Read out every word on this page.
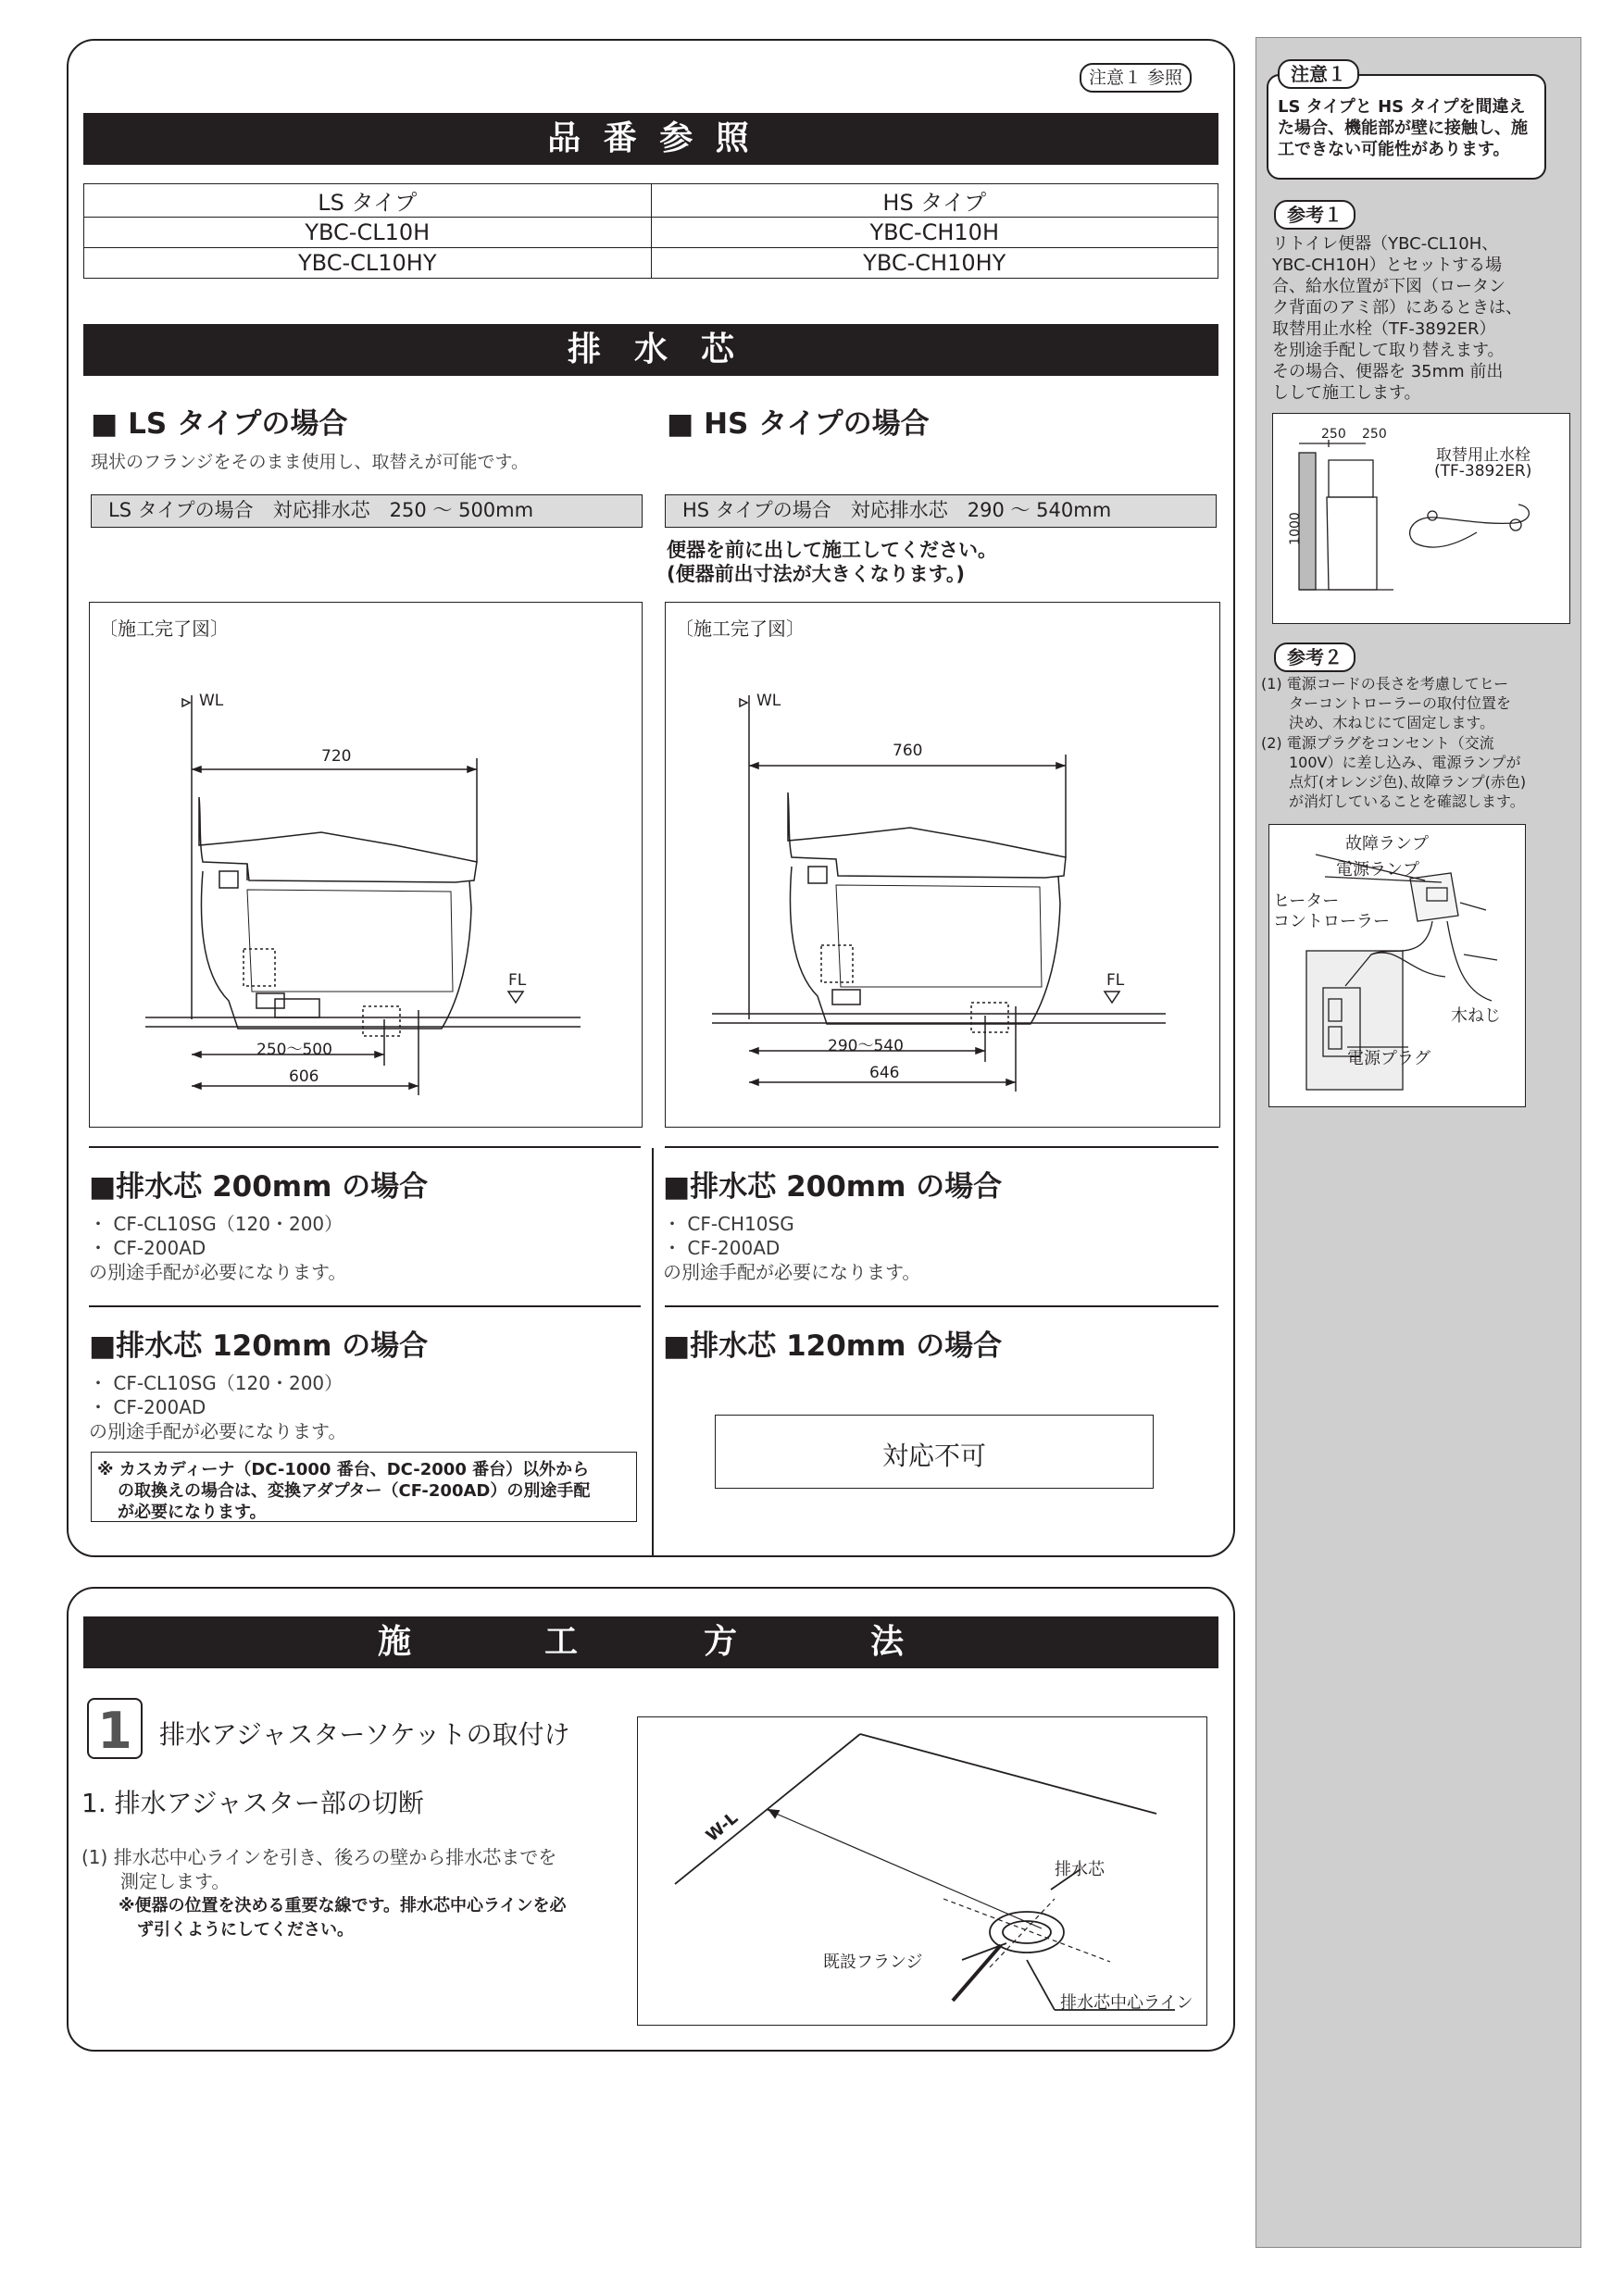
注意１ 参照
品 番 参 照
LS タイプ	HS タイプ
YBC-CL10H	YBC-CH10H
YBC-CL10HY	YBC-CH10HY
排　水　芯
■ LS タイプの場合
現状のフランジをそのまま使用し、取替えが可能です。
LS タイプの場合　対応排水芯　250 〜 500mm
■ HS タイプの場合
HS タイプの場合　対応排水芯　290 〜 540mm
便器を前に出して施工してください。
(便器前出寸法が大きくなります。)
〔施工完了図〕
WL
720
FL
250〜500
606
〔施工完了図〕
WL
760
FL
290〜540
646
■排水芯 200mm の場合
・ CF-CL10SG（120・200）
・ CF-200AD
の別途手配が必要になります。
■排水芯 200mm の場合
・ CF-CH10SG
・ CF-200AD
の別途手配が必要になります。
■排水芯 120mm の場合
・ CF-CL10SG（120・200）
・ CF-200AD
の別途手配が必要になります。
※ カスカディーナ（DC-1000 番台、DC-2000 番台）以外から
の取換えの場合は、変換アダプター（CF-200AD）の別途手配
が必要になります。
■排水芯 120mm の場合
対応不可
施	工	方	法
1	排水アジャスターソケットの取付け
1. 排水アジャスター部の切断
(1) 排水芯中心ラインを引き、後ろの壁から排水芯までを
測定します。
※便器の位置を決める重要な線です。排水芯中心ラインを必
ず引くようにしてください。
W-L
排水芯
既設フランジ
排水芯中心ライン
注意１
LS タイプと HS タイプを間違え
た場合、機能部が壁に接触し、施
工できない可能性があります。
参考１
リトイレ便器（YBC-CL10H、
YBC-CH10H）とセットする場
合、給水位置が下図（ロータン
ク背面のアミ部）にあるときは、
取替用止水栓（TF-3892ER）
を別途手配して取り替えます。
その場合、便器を 35mm 前出
しして施工します。
250 250
1000
取替用止水栓
(TF-3892ER)
参考２
(1) 電源コードの長さを考慮してヒー
ターコントローラーの取付位置を
決め、木ねじにて固定します。
(2) 電源プラグをコンセント（交流
100V）に差し込み、電源ランプが
点灯(オレンジ色)､故障ランプ(赤色)
が消灯していることを確認します。
故障ランプ
電源ランプ
ヒーター
コントローラー
木ねじ
電源プラグ
